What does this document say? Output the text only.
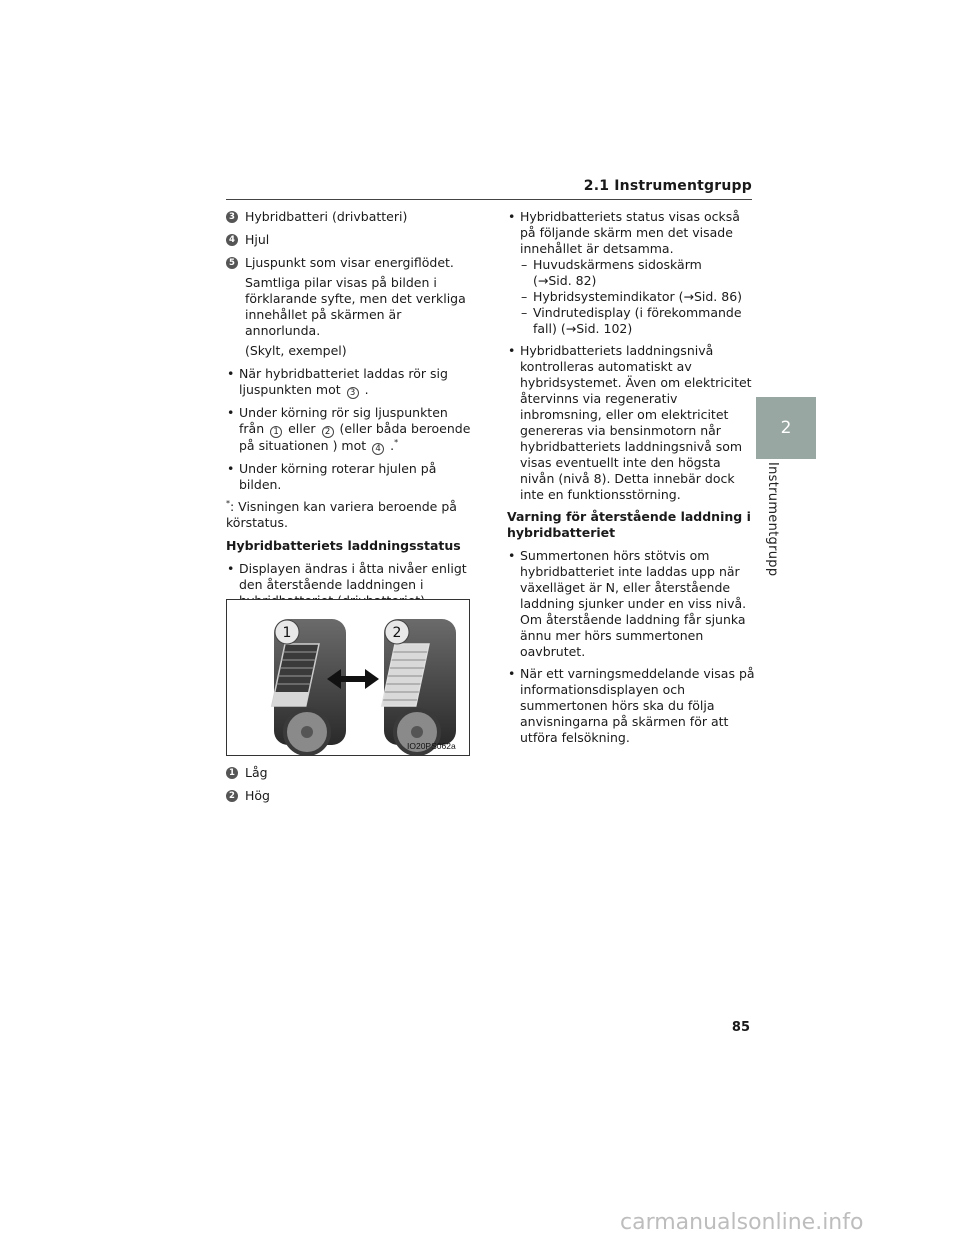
2.1 Instrumentgrupp
2
Instrumentgrupp
3 Hybridbatteri (drivbatteri)
4 Hjul
5 Ljuspunkt som visar energiflödet.
Samtliga pilar visas på bilden i förklarande syfte, men det verkliga innehållet på skärmen är annorlunda.
(Skylt, exempel)
• När hybridbatteriet laddas rör sig ljuspunkten mot 3 .
• Under körning rör sig ljuspunkten från 1 eller 2 (eller båda beroende på situationen ) mot 4 .*
• Under körning roterar hjulen på bilden.
*: Visningen kan variera beroende på körstatus.
Hybridbatteriets laddningsstatus
• Displayen ändras i åtta nivåer enligt den återstående laddningen i
1	2
IO20PS062a
1 Låg
2 Hög
• Hybridbatteriets status visas också på följande skärm men det visade innehållet är detsamma.
– Huvudskärmens sidoskärm
(→Sid. 82)
– Hybridsystemindikator (→Sid. 86)
– Vindrutedisplay (i förekommande
fall) (→Sid. 102)
• Hybridbatteriets laddningsnivå kontrolleras automatiskt av hybridsystemet. Även om elektricitet återvinns via regenerativ inbromsning, eller om elektricitet genereras via bensinmotorn når hybridbatteriets laddningsnivå som visas eventuellt inte den högsta nivån (nivå 8). Detta innebär dock inte en funktionsstörning.
Varning för återstående laddning i hybridbatteriet
• Summertonen hörs stötvis om hybridbatteriet inte laddas upp när växelläget är N, eller återstående laddning sjunker under en viss nivå. Om återstående laddning får sjunka ännu mer hörs summertonen oavbrutet.
• När ett varningsmeddelande visas på informationsdisplayen och summertonen hörs ska du följa anvisningarna på skärmen för att utföra felsökning.
85
carmanualsonline.info
